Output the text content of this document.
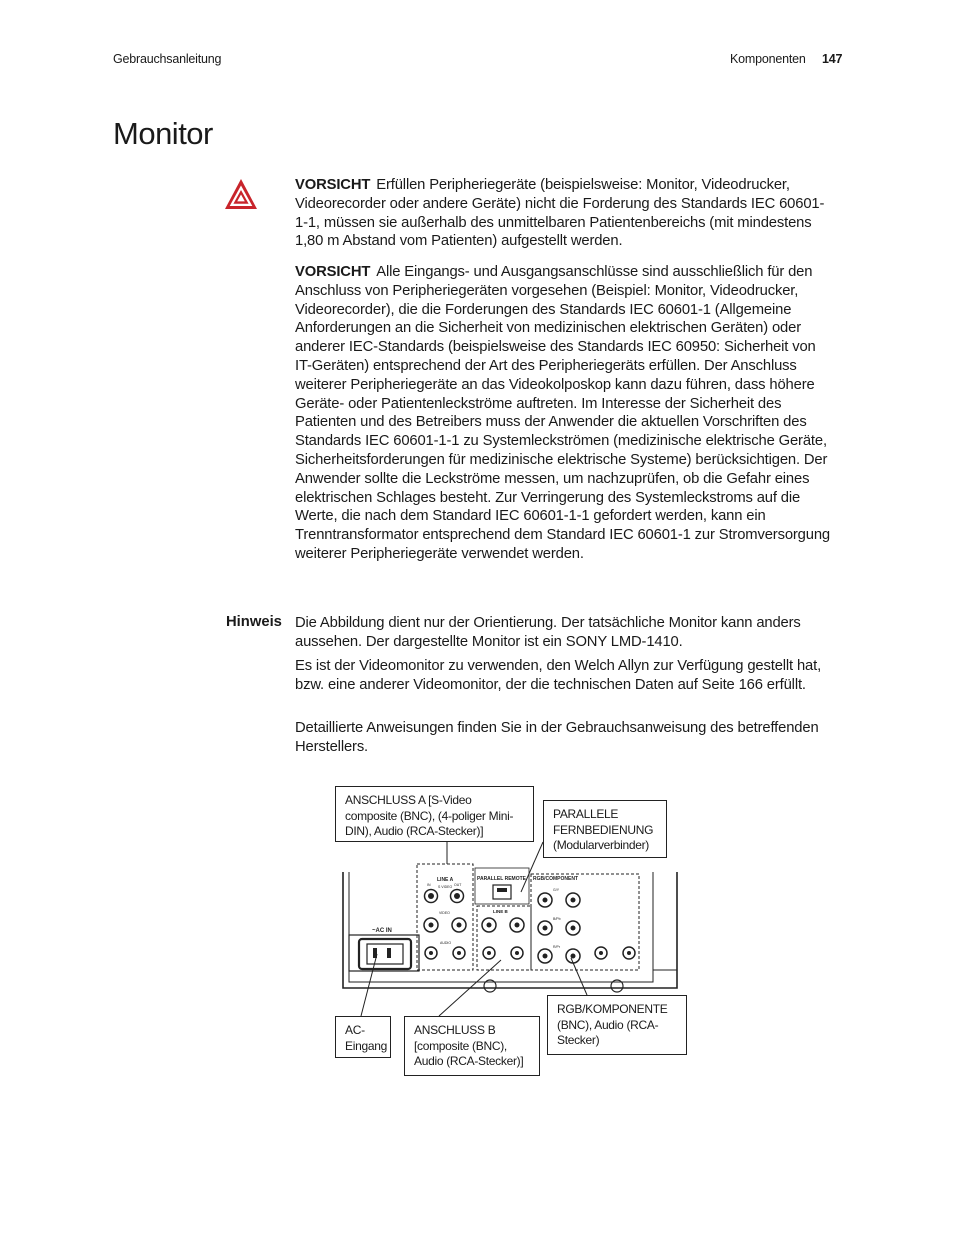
Gebrauchsanleitung	Komponenten 147
Monitor

VORSICHT Erfüllen Peripheriegeräte (beispielsweise: Monitor, Videodrucker, Videorecorder oder andere Geräte) nicht die Forderung des Standards IEC 60601-1-1, müssen sie außerhalb des unmittelbaren Patientenbereichs (mit mindestens 1,80 m Abstand vom Patienten) aufgestellt werden.

VORSICHT Alle Eingangs- und Ausgangsanschlüsse sind ausschließlich für den Anschluss von Peripheriegeräten vorgesehen (Beispiel: Monitor, Videodrucker, Videorecorder), die die Forderungen des Standards IEC 60601-1 (Allgemeine Anforderungen an die Sicherheit von medizinischen elektrischen Geräten) oder anderer IEC-Standards (beispielsweise des Standards IEC 60950: Sicherheit von IT-Geräten) entsprechend der Art des Peripheriegeräts erfüllen. Der Anschluss weiterer Peripheriegeräte an das Videokolposkop kann dazu führen, dass höhere Geräte- oder Patientenleckströme auftreten. Im Interesse der Sicherheit des Patienten und des Betreibers muss der Anwender die aktuellen Vorschriften des Standards IEC 60601-1-1 zu Systemleckströmen (medizinische elektrische Geräte, Sicherheitsforderungen für medizinische elektrische Systeme) berücksichtigen. Der Anwender sollte die Leckströme messen, um nachzuprüfen, ob die Gefahr eines elektrischen Schlages besteht. Zur Verringerung des Systemleckstroms auf die Werte, die nach dem Standard IEC 60601-1-1 gefordert werden, kann ein Trenntransformator entsprechend dem Standard IEC 60601-1 zur Stromversorgung weiterer Peripheriegeräte verwendet werden.

Hinweis Die Abbildung dient nur der Orientierung. Der tatsächliche Monitor kann anders aussehen. Der dargestellte Monitor ist ein SONY LMD-1410.

Es ist der Videomonitor zu verwenden, den Welch Allyn zur Verfügung gestellt hat, bzw. eine anderer Videomonitor, der die technischen Daten auf Seite 166 erfüllt.

Detaillierte Anweisungen finden Sie in der Gebrauchsanweisung des betreffenden Herstellers.

~AC IN
LINE A	PARALLEL REMOTE RGB/COMPONENT
LINE B
S VIDEO
VIDEO
G/Y
B/Pb
R/Pr
AUDIO
IN	OUT
ANSCHLUSS A [S-Video composite (BNC), (4-poliger Mini-DIN), Audio (RCA-Stecker)]
PARALLELE FERNBEDIENUNG (Modularverbinder)
RGB/KOMPONENTE (BNC), Audio (RCA-Stecker)
AC-Eingang
ANSCHLUSS B [composite (BNC), Audio (RCA-Stecker)]
